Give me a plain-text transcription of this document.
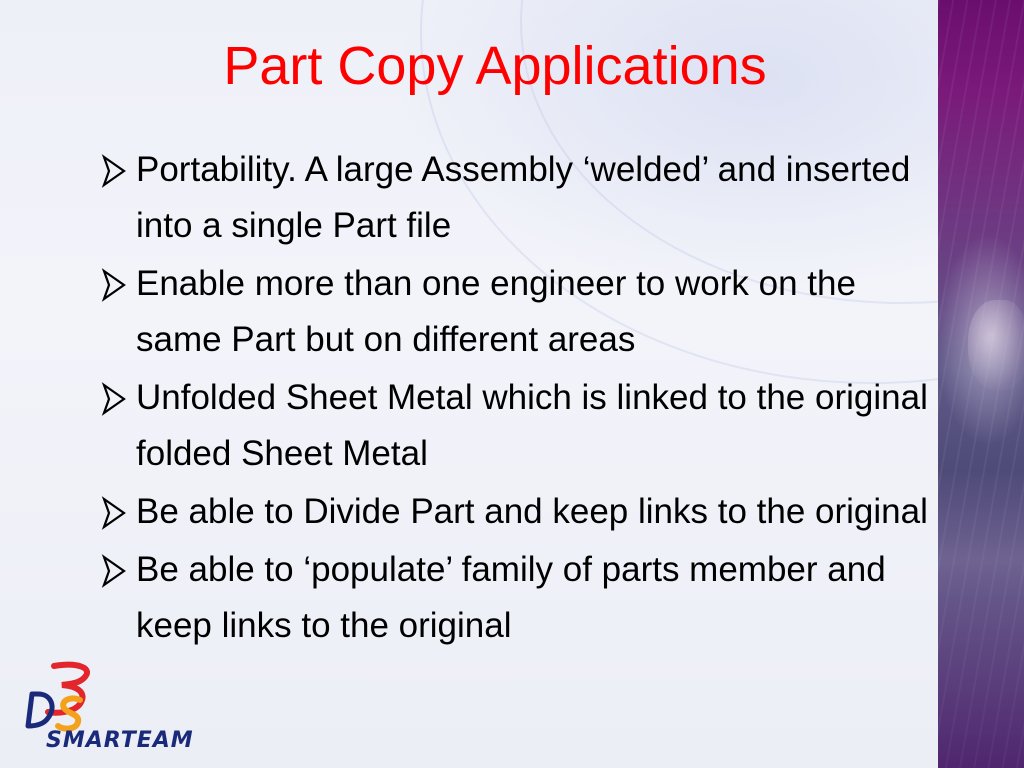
Part Copy Applications
Portability. A large Assembly ‘welded’ and inserted into a single Part file
Enable more than one engineer to work on the same Part but on different areas
Unfolded Sheet Metal which is linked to the original folded Sheet Metal
Be able to Divide Part and keep links to the original
Be able to ‘populate’ family of parts member and keep links to the original
SMARTEAM
